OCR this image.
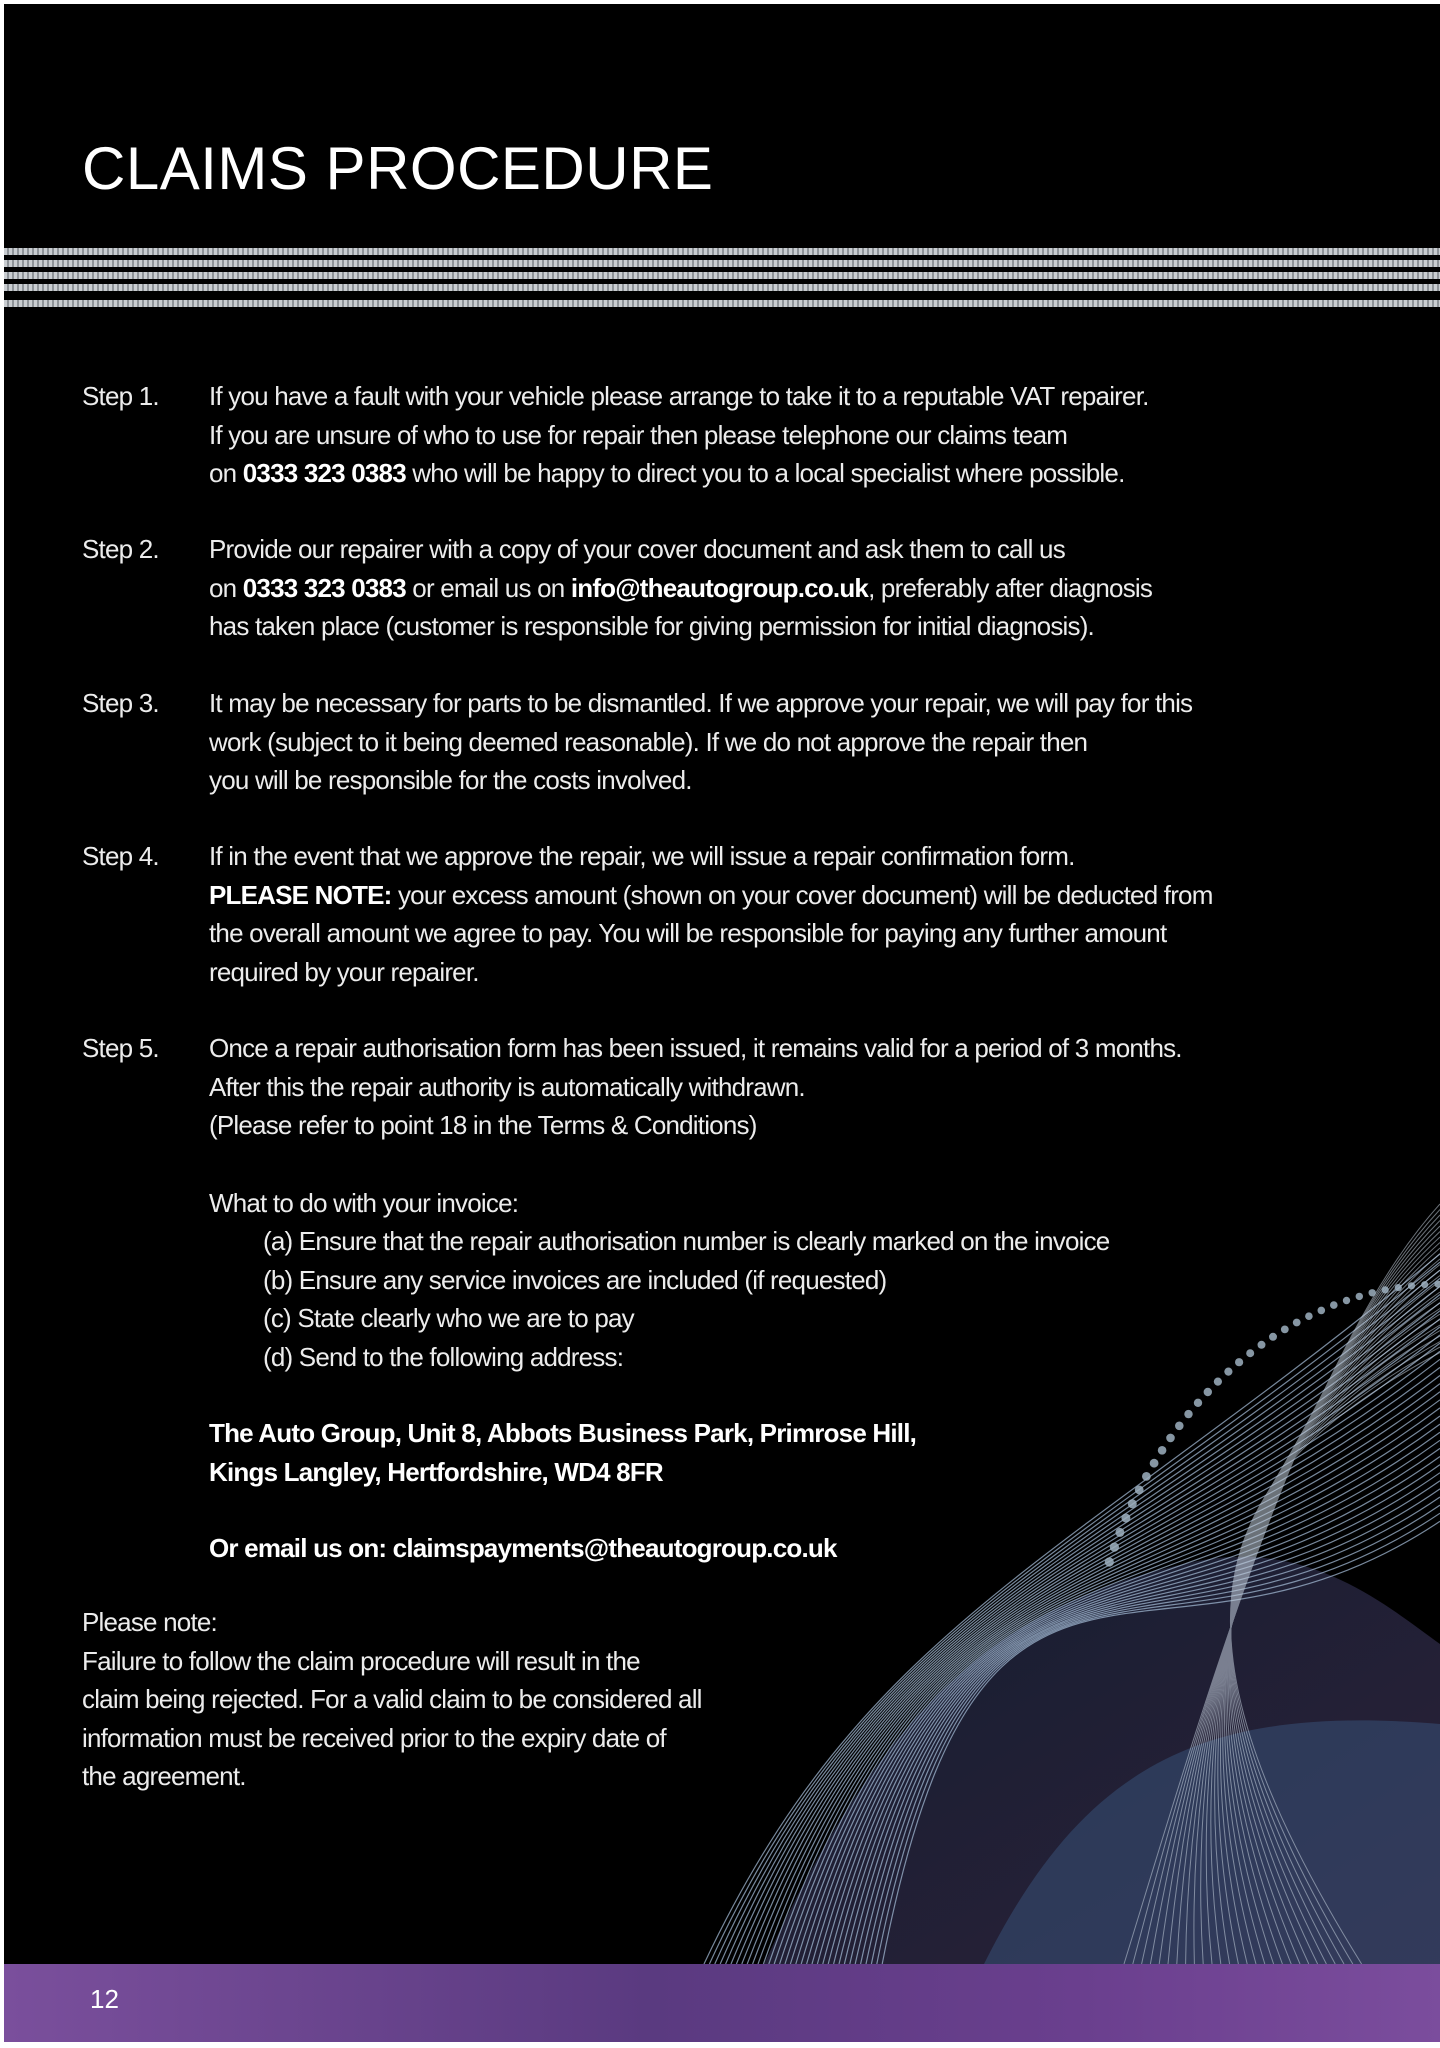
CLAIMS PROCEDURE
Step 1.	If you have a fault with your vehicle please arrange to take it to a reputable VAT repairer.
If you are unsure of who to use for repair then please telephone our claims team
on 0333 323 0383 who will be happy to direct you to a local specialist where possible.
Step 2.	Provide our repairer with a copy of your cover document and ask them to call us
on 0333 323 0383 or email us on info@theautogroup.co.uk, preferably after diagnosis
has taken place (customer is responsible for giving permission for initial diagnosis).
Step 3.	It may be necessary for parts to be dismantled. If we approve your repair, we will pay for this
work (subject to it being deemed reasonable). If we do not approve the repair then
you will be responsible for the costs involved.
Step 4.	If in the event that we approve the repair, we will issue a repair confirmation form.
PLEASE NOTE: your excess amount (shown on your cover document) will be deducted from
the overall amount we agree to pay. You will be responsible for paying any further amount
required by your repairer.
Step 5.	Once a repair authorisation form has been issued, it remains valid for a period of 3 months.
After this the repair authority is automatically withdrawn.
(Please refer to point 18 in the Terms & Conditions)
What to do with your invoice:
(a) Ensure that the repair authorisation number is clearly marked on the invoice
(b) Ensure any service invoices are included (if requested)
(c) State clearly who we are to pay
(d) Send to the following address:
The Auto Group, Unit 8, Abbots Business Park, Primrose Hill,
Kings Langley, Hertfordshire, WD4 8FR
Or email us on: claimspayments@theautogroup.co.uk
Please note:
Failure to follow the claim procedure will result in the
claim being rejected. For a valid claim to be considered all
information must be received prior to the expiry date of
the agreement.
12
